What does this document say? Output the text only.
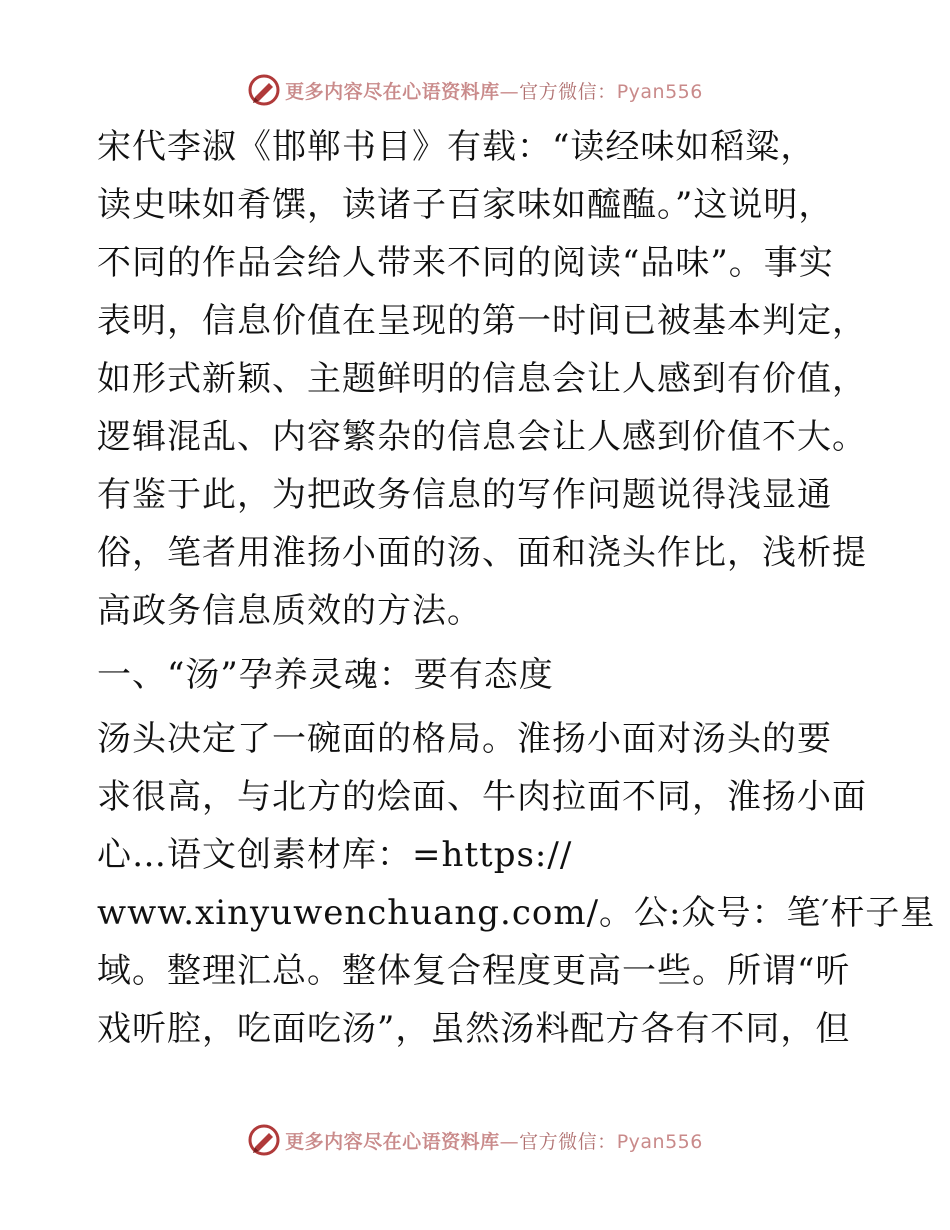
更多内容尽在心语资料库—官方微信：Pyan556
宋代李淑《邯郸书目》有载：“读经味如稻粱，
读史味如肴馔，读诸子百家味如醯醢。”这说明，
不同的作品会给人带来不同的阅读“品味”。事实
表明，信息价值在呈现的第一时间已被基本判定，
如形式新颖、主题鲜明的信息会让人感到有价值，
逻辑混乱、内容繁杂的信息会让人感到价值不大。
有鉴于此，为把政务信息的写作问题说得浅显通
俗，笔者用淮扬小面的汤、面和浇头作比，浅析提
高政务信息质效的方法。
一、“汤”孕养灵魂：要有态度
汤头决定了一碗面的格局。淮扬小面对汤头的要
求很高，与北方的烩面、牛肉拉面不同，淮扬小面
心…语文创素材库：=https://
www.xinyuwenchuang.com/。公:众号：笔′杆子星
域。整理汇总。整体复合程度更高一些。所谓“听
戏听腔，吃面吃汤”，虽然汤料配方各有不同，但
更多内容尽在心语资料库—官方微信：Pyan556
